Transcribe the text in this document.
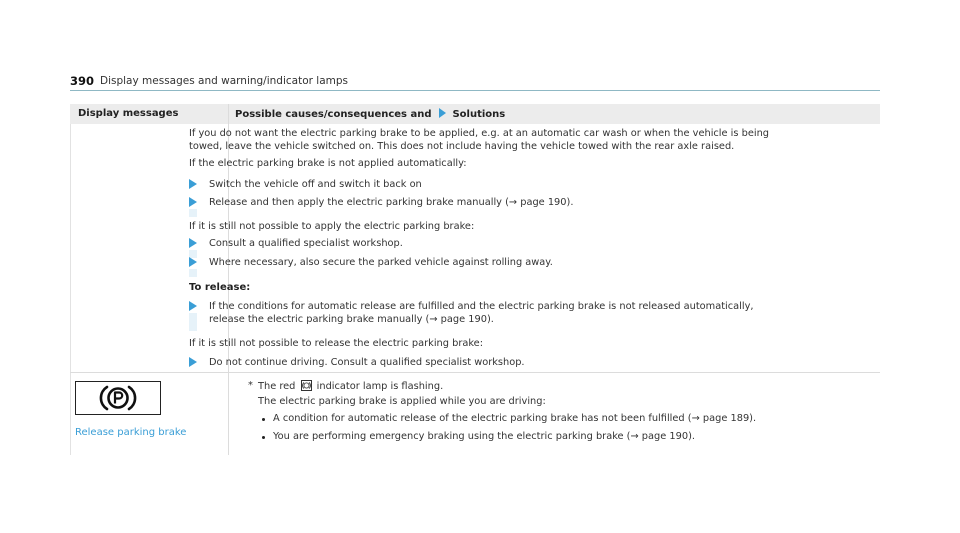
390 Display messages and warning/indicator lamps
Display messages	Possible causes/consequences and Solutions
If you do not want the electric parking brake to be applied, e.g. at an automatic car wash or when the vehicle is being
towed, leave the vehicle switched on. This does not include having the vehicle towed with the rear axle raised.
If the electric parking brake is not applied automatically:
Switch the vehicle off and switch it back on
Release and then apply the electric parking brake manually (→ page 190).
If it is still not possible to apply the electric parking brake:
Consult a qualified specialist workshop.
Where necessary, also secure the parked vehicle against rolling away.
To release:
If the conditions for automatic release are fulfilled and the electric parking brake is not released automatically,
release the electric parking brake manually (→ page 190).
If it is still not possible to release the electric parking brake:
Do not continue driving. Consult a qualified specialist workshop.
Release parking brake
* The red indicator lamp is flashing.
The electric parking brake is applied while you are driving:
A condition for automatic release of the electric parking brake has not been fulfilled (→ page 189).
You are performing emergency braking using the electric parking brake (→ page 190).
